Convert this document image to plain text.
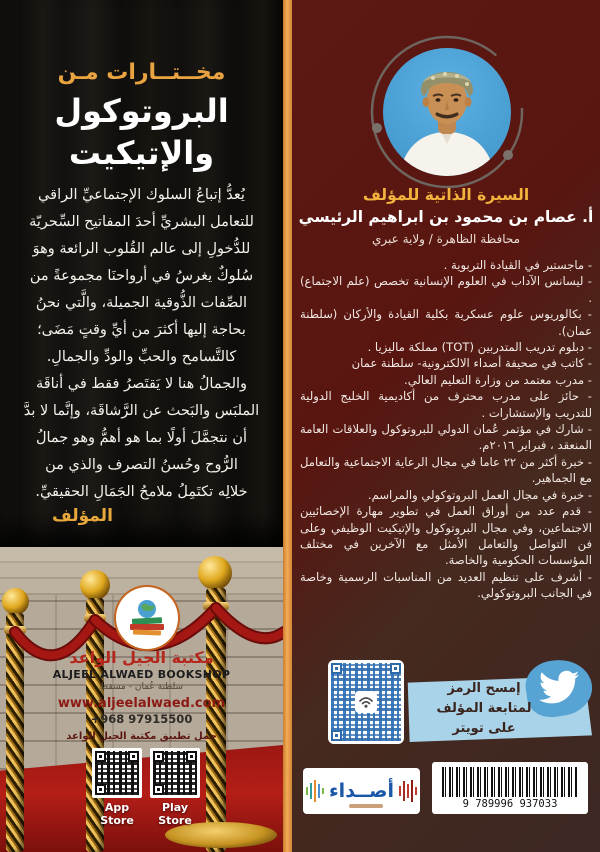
مخــتــارات مـن
البروتوكول
والإتيكيت
يُعدُّ إتباعُ السلوك الإجتماعيِّ الراقي
للتعامل البشريِّ أحدَ المفاتيح السِّحريّة
للدُّخولِ إلى عالم القُلوب الرائعة وهوَ
سُلوكٌ يغرسُ في أرواحنَا مجموعةً من
الصِّفات الذُّوقية الجميلة، والَّتي نحنُ
بحاجة إليها أكثرَ من أيِّ وقتٍ مَضَى؛
كالتَّسامح والحبِّ والودِّ والجمالِ.
والجمالُ هنا لا يَقتَصرُ فقط في أناقَة
الملبَس والبَحث عن الرَّشاقَة، وإنَّما لا بدَّ
أن نتجمَّلَ أولًا بما هو أهمُّ وهو جمالُ
الرُّوح وحُسنُ التصرف والذي من
خلالِه تكتَمِلُ ملامحُ الجَمَالِ الحقيقيِّ.
المؤلف
مكتبة الجيل الواعد
ALJEEL ALWAED BOOKSHOP
سلطنة عُمان - مسقط
www.aljeelalwaed.com
+968 97915500
حمل تطبيق مكتبة الجيل الواعد
App Store
Play Store
السيرة الذاتية للمؤلف
أ. عصام بن محمود بن ابراهيم الرئيسي
محافظة الظاهرة / ولاية عبري
- ماجستير في القيادة التربوية .
- ليسانس الآداب في العلوم الإنسانية تخصص (علم الاجتماع) .
- بكالوريوس علوم عسكرية بكلية القيادة والأركان (سلطنة عمان).
- دبلوم تدريب المتدربين (TOT) مملكة ماليزيا .
- كاتب في صحيفة أصداء الالكترونية- سلطنة عمان
- مدرب معتمد من وزارة التعليم العالي.
- حائز على مدرب محترف من أكاديمية الخليج الدولية للتدريب والإستشارات .
- شارك في مؤتمر عُمان الدولي للبروتوكول والعلاقات العامة المنعقد ، فبراير ٢٠١٦م.
- خبرة أكثر من ٢٢ عاما في مجال الرعاية الاجتماعية والتعامل مع الجماهير.
- خبرة في مجال العمل البروتوكولي والمراسم.
- قدم عدد من أوراق العمل في تطوير مهارة الإخصائيين الاجتماعين، وفي مجال البروتوكول والإتيكيت الوظيفي وعلى فن التواصل والتعامل الأمثل مع الآخرين في مختلف المؤسسات الحكومية والخاصة.
- أشرف على تنظيم العديد من المناسبات الرسمية وخاصة في الجانب البروتوكولي.
إمسح الرمز
لمتابعة المؤلف
على تويتر
أصــداء
9 789996 937033
